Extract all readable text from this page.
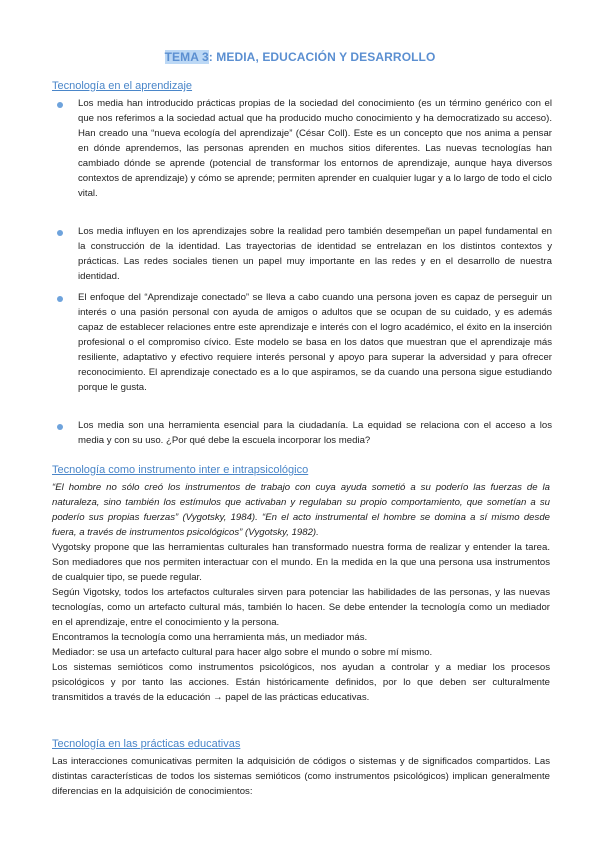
TEMA 3: MEDIA, EDUCACIÓN Y DESARROLLO
Tecnología en el aprendizaje

Los media han introducido prácticas propias de la sociedad del conocimiento (es un término genérico con el que nos referimos a la sociedad actual que ha producido mucho conocimiento y ha democratizado su acceso). Han creado una “nueva ecología del aprendizaje” (César Coll). Este es un concepto que nos anima a pensar en dónde aprendemos, las personas aprenden en muchos sitios diferentes. Las nuevas tecnologías han cambiado dónde se aprende (potencial de transformar los entornos de aprendizaje, aunque haya diversos contextos de aprendizaje) y cómo se aprende; permiten aprender en cualquier lugar y a lo largo de todo el ciclo vital.

Los media influyen en los aprendizajes sobre la realidad pero también desempeñan un papel fundamental en la construcción de la identidad. Las trayectorias de identidad se entrelazan en los distintos contextos y prácticas. Las redes sociales tienen un papel muy importante en las redes y en el desarrollo de nuestra identidad.

El enfoque del “Aprendizaje conectado” se lleva a cabo cuando una persona joven es capaz de perseguir un interés o una pasión personal con ayuda de amigos o adultos que se ocupan de su cuidado, y es además capaz de establecer relaciones entre este aprendizaje e interés con el logro académico, el éxito en la inserción profesional o el compromiso cívico. Este modelo se basa en los datos que muestran que el aprendizaje más resiliente, adaptativo y efectivo requiere interés personal y apoyo para superar la adversidad y para ofrecer reconocimiento. El aprendizaje conectado es a lo que aspiramos, se da cuando una persona sigue estudiando porque le gusta.

Los media son una herramienta esencial para la ciudadanía. La equidad se relaciona con el acceso a los media y con su uso. ¿Por qué debe la escuela incorporar los media?

Tecnología como instrumento inter e intrapsicológico

“El hombre no sólo creó los instrumentos de trabajo con cuya ayuda sometió a su poderío las fuerzas de la naturaleza, sino también los estímulos que activaban y regulaban su propio comportamiento, que sometían a su poderío sus propias fuerzas” (Vygotsky, 1984). “En el acto instrumental el hombre se domina a sí mismo desde fuera, a través de instrumentos psicológicos” (Vygotsky, 1982).

Vygotsky propone que las herramientas culturales han transformado nuestra forma de realizar y entender la tarea. Son mediadores que nos permiten interactuar con el mundo. En la medida en la que una persona usa instrumentos de cualquier tipo, se puede regular.

Según Vigotsky, todos los artefactos culturales sirven para potenciar las habilidades de las personas, y las nuevas tecnologías, como un artefacto cultural más, también lo hacen. Se debe entender la tecnología como un mediador en el aprendizaje, entre el conocimiento y la persona.

Encontramos la tecnología como una herramienta más, un mediador más.

Mediador: se usa un artefacto cultural para hacer algo sobre el mundo o sobre mí mismo.

Los sistemas semióticos como instrumentos psicológicos, nos ayudan a controlar y a mediar los procesos psicológicos y por tanto las acciones. Están históricamente definidos, por lo que deben ser culturalmente transmitidos a través de la educación → papel de las prácticas educativas.

Tecnología en las prácticas educativas

Las interacciones comunicativas permiten la adquisición de códigos o sistemas y de significados compartidos. Las distintas características de todos los sistemas semióticos (como instrumentos psicológicos) implican generalmente diferencias en la adquisición de conocimientos:
